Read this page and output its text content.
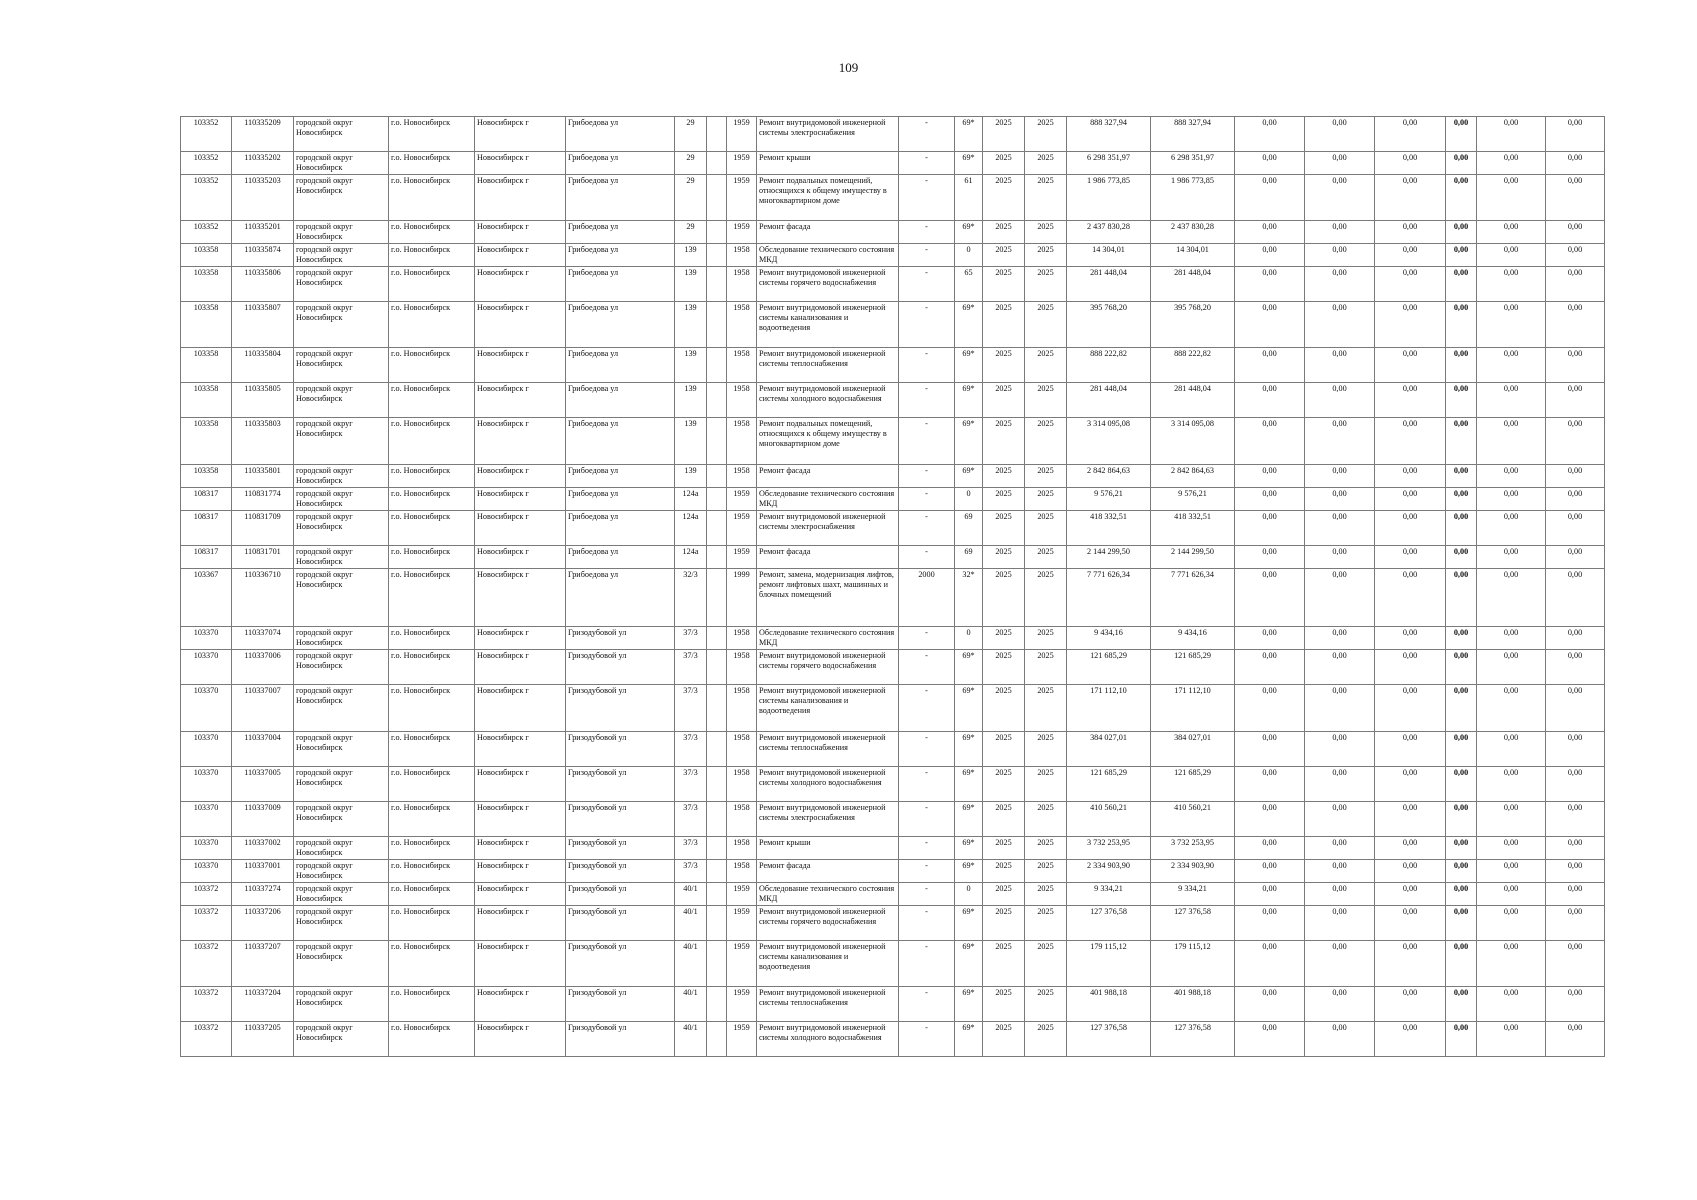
109
103352	110335209	городской округ Новосибирск	г.о. Новосибирск	Новосибирск г	Грибоедова ул	29		1959	Ремонт внутридомовой инженерной системы электроснабжения	-	69*	2025	2025	888 327,94	888 327,94	0,00	0,00	0,00	0,00	0,00	0,00
103352	110335202	городской округ Новосибирск	г.о. Новосибирск	Новосибирск г	Грибоедова ул	29		1959	Ремонт крыши	-	69*	2025	2025	6 298 351,97	6 298 351,97	0,00	0,00	0,00	0,00	0,00	0,00
103352	110335203	городской округ Новосибирск	г.о. Новосибирск	Новосибирск г	Грибоедова ул	29		1959	Ремонт подвальных помещений, относящихся к общему имуществу в многоквартирном доме	-	61	2025	2025	1 986 773,85	1 986 773,85	0,00	0,00	0,00	0,00	0,00	0,00
103352	110335201	городской округ Новосибирск	г.о. Новосибирск	Новосибирск г	Грибоедова ул	29		1959	Ремонт фасада	-	69*	2025	2025	2 437 830,28	2 437 830,28	0,00	0,00	0,00	0,00	0,00	0,00
103358	110335874	городской округ Новосибирск	г.о. Новосибирск	Новосибирск г	Грибоедова ул	139		1958	Обследование технического состояния МКД	-	0	2025	2025	14 304,01	14 304,01	0,00	0,00	0,00	0,00	0,00	0,00
103358	110335806	городской округ Новосибирск	г.о. Новосибирск	Новосибирск г	Грибоедова ул	139		1958	Ремонт внутридомовой инженерной системы горячего водоснабжения	-	65	2025	2025	281 448,04	281 448,04	0,00	0,00	0,00	0,00	0,00	0,00
103358	110335807	городской округ Новосибирск	г.о. Новосибирск	Новосибирск г	Грибоедова ул	139		1958	Ремонт внутридомовой инженерной системы канализования и водоотведения	-	69*	2025	2025	395 768,20	395 768,20	0,00	0,00	0,00	0,00	0,00	0,00
103358	110335804	городской округ Новосибирск	г.о. Новосибирск	Новосибирск г	Грибоедова ул	139		1958	Ремонт внутридомовой инженерной системы теплоснабжения	-	69*	2025	2025	888 222,82	888 222,82	0,00	0,00	0,00	0,00	0,00	0,00
103358	110335805	городской округ Новосибирск	г.о. Новосибирск	Новосибирск г	Грибоедова ул	139		1958	Ремонт внутридомовой инженерной системы холодного водоснабжения	-	69*	2025	2025	281 448,04	281 448,04	0,00	0,00	0,00	0,00	0,00	0,00
103358	110335803	городской округ Новосибирск	г.о. Новосибирск	Новосибирск г	Грибоедова ул	139		1958	Ремонт подвальных помещений, относящихся к общему имуществу в многоквартирном доме	-	69*	2025	2025	3 314 095,08	3 314 095,08	0,00	0,00	0,00	0,00	0,00	0,00
103358	110335801	городской округ Новосибирск	г.о. Новосибирск	Новосибирск г	Грибоедова ул	139		1958	Ремонт фасада	-	69*	2025	2025	2 842 864,63	2 842 864,63	0,00	0,00	0,00	0,00	0,00	0,00
108317	110831774	городской округ Новосибирск	г.о. Новосибирск	Новосибирск г	Грибоедова ул	124а		1959	Обследование технического состояния МКД	-	0	2025	2025	9 576,21	9 576,21	0,00	0,00	0,00	0,00	0,00	0,00
108317	110831709	городской округ Новосибирск	г.о. Новосибирск	Новосибирск г	Грибоедова ул	124а		1959	Ремонт внутридомовой инженерной системы электроснабжения	-	69	2025	2025	418 332,51	418 332,51	0,00	0,00	0,00	0,00	0,00	0,00
108317	110831701	городской округ Новосибирск	г.о. Новосибирск	Новосибирск г	Грибоедова ул	124а		1959	Ремонт фасада	-	69	2025	2025	2 144 299,50	2 144 299,50	0,00	0,00	0,00	0,00	0,00	0,00
103367	110336710	городской округ Новосибирск	г.о. Новосибирск	Новосибирск г	Грибоедова ул	32/3		1999	Ремонт, замена, модернизация лифтов, ремонт лифтовых шахт, машинных и блочных помещений	2000	32*	2025	2025	7 771 626,34	7 771 626,34	0,00	0,00	0,00	0,00	0,00	0,00
103370	110337074	городской округ Новосибирск	г.о. Новосибирск	Новосибирск г	Гризодубовой ул	37/3		1958	Обследование технического состояния МКД	-	0	2025	2025	9 434,16	9 434,16	0,00	0,00	0,00	0,00	0,00	0,00
103370	110337006	городской округ Новосибирск	г.о. Новосибирск	Новосибирск г	Гризодубовой ул	37/3		1958	Ремонт внутридомовой инженерной системы горячего водоснабжения	-	69*	2025	2025	121 685,29	121 685,29	0,00	0,00	0,00	0,00	0,00	0,00
103370	110337007	городской округ Новосибирск	г.о. Новосибирск	Новосибирск г	Гризодубовой ул	37/3		1958	Ремонт внутридомовой инженерной системы канализования и водоотведения	-	69*	2025	2025	171 112,10	171 112,10	0,00	0,00	0,00	0,00	0,00	0,00
103370	110337004	городской округ Новосибирск	г.о. Новосибирск	Новосибирск г	Гризодубовой ул	37/3		1958	Ремонт внутридомовой инженерной системы теплоснабжения	-	69*	2025	2025	384 027,01	384 027,01	0,00	0,00	0,00	0,00	0,00	0,00
103370	110337005	городской округ Новосибирск	г.о. Новосибирск	Новосибирск г	Гризодубовой ул	37/3		1958	Ремонт внутридомовой инженерной системы холодного водоснабжения	-	69*	2025	2025	121 685,29	121 685,29	0,00	0,00	0,00	0,00	0,00	0,00
103370	110337009	городской округ Новосибирск	г.о. Новосибирск	Новосибирск г	Гризодубовой ул	37/3		1958	Ремонт внутридомовой инженерной системы электроснабжения	-	69*	2025	2025	410 560,21	410 560,21	0,00	0,00	0,00	0,00	0,00	0,00
103370	110337002	городской округ Новосибирск	г.о. Новосибирск	Новосибирск г	Гризодубовой ул	37/3		1958	Ремонт крыши	-	69*	2025	2025	3 732 253,95	3 732 253,95	0,00	0,00	0,00	0,00	0,00	0,00
103370	110337001	городской округ Новосибирск	г.о. Новосибирск	Новосибирск г	Гризодубовой ул	37/3		1958	Ремонт фасада	-	69*	2025	2025	2 334 903,90	2 334 903,90	0,00	0,00	0,00	0,00	0,00	0,00
103372	110337274	городской округ Новосибирск	г.о. Новосибирск	Новосибирск г	Гризодубовой ул	40/1		1959	Обследование технического состояния МКД	-	0	2025	2025	9 334,21	9 334,21	0,00	0,00	0,00	0,00	0,00	0,00
103372	110337206	городской округ Новосибирск	г.о. Новосибирск	Новосибирск г	Гризодубовой ул	40/1		1959	Ремонт внутридомовой инженерной системы горячего водоснабжения	-	69*	2025	2025	127 376,58	127 376,58	0,00	0,00	0,00	0,00	0,00	0,00
103372	110337207	городской округ Новосибирск	г.о. Новосибирск	Новосибирск г	Гризодубовой ул	40/1		1959	Ремонт внутридомовой инженерной системы канализования и водоотведения	-	69*	2025	2025	179 115,12	179 115,12	0,00	0,00	0,00	0,00	0,00	0,00
103372	110337204	городской округ Новосибирск	г.о. Новосибирск	Новосибирск г	Гризодубовой ул	40/1		1959	Ремонт внутридомовой инженерной системы теплоснабжения	-	69*	2025	2025	401 988,18	401 988,18	0,00	0,00	0,00	0,00	0,00	0,00
103372	110337205	городской округ Новосибирск	г.о. Новосибирск	Новосибирск г	Гризодубовой ул	40/1		1959	Ремонт внутридомовой инженерной системы холодного водоснабжения	-	69*	2025	2025	127 376,58	127 376,58	0,00	0,00	0,00	0,00	0,00	0,00
